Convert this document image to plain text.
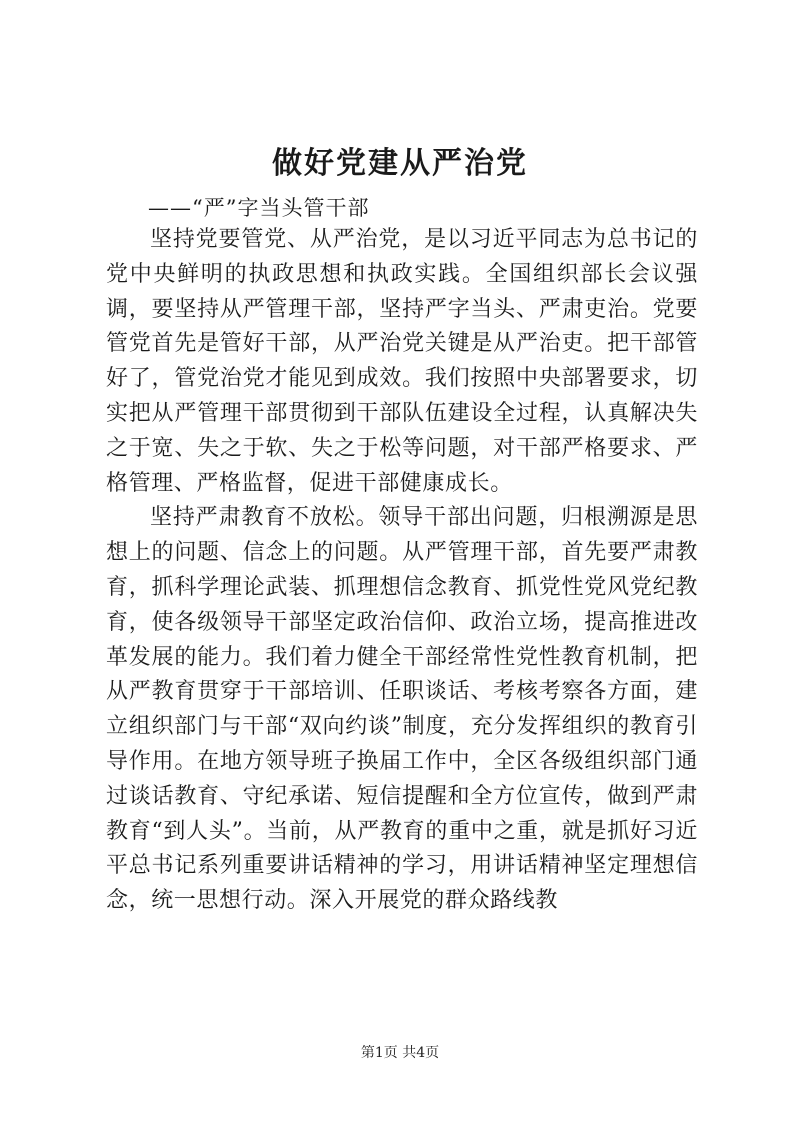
做好党建从严治党

——“严”字当头管干部

坚持党要管党、从严治党，是以习近平同志为总书记的党中央鲜明的执政思想和执政实践。全国组织部长会议强调，要坚持从严管理干部，坚持严字当头、严肃吏治。党要管党首先是管好干部，从严治党关键是从严治吏。把干部管好了，管党治党才能见到成效。我们按照中央部署要求，切实把从严管理干部贯彻到干部队伍建设全过程，认真解决失之于宽、失之于软、失之于松等问题，对干部严格要求、严格管理、严格监督，促进干部健康成长。

坚持严肃教育不放松。领导干部出问题，归根溯源是思想上的问题、信念上的问题。从严管理干部，首先要严肃教育，抓科学理论武装、抓理想信念教育、抓党性党风党纪教育，使各级领导干部坚定政治信仰、政治立场，提高推进改革发展的能力。我们着力健全干部经常性党性教育机制，把从严教育贯穿于干部培训、任职谈话、考核考察各方面，建立组织部门与干部“双向约谈”制度，充分发挥组织的教育引导作用。在地方领导班子换届工作中，全区各级组织部门通过谈话教育、守纪承诺、短信提醒和全方位宣传，做到严肃教育“到人头”。当前，从严教育的重中之重，就是抓好习近平总书记系列重要讲话精神的学习，用讲话精神坚定理想信念，统一思想行动。深入开展党的群众路线教

第1页 共4页
